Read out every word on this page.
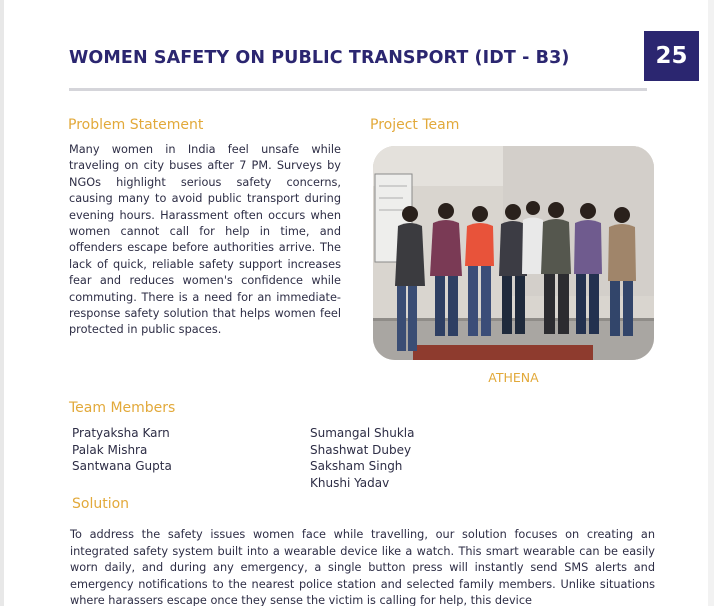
WOMEN SAFETY ON PUBLIC TRANSPORT (IDT - B3)	25
Problem Statement

Many women in India feel unsafe while traveling on city buses after 7 PM. Surveys by NGOs highlight serious safety concerns, causing many to avoid public transport during evening hours. Harassment often occurs when women cannot call for help in time, and offenders escape before authorities arrive. The lack of quick, reliable safety support increases fear and reduces women's confidence while commuting. There is a need for an immediate-response safety solution that helps women feel protected in public spaces.

Project Team
ATHENA
Team Members
Pratyaksha Karn
Palak Mishra
Santwana Gupta
Sumangal Shukla
Shashwat Dubey
Saksham Singh
Khushi Yadav
Solution

To address the safety issues women face while travelling, our solution focuses on creating an integrated safety system built into a wearable device like a watch. This smart wearable can be easily worn daily, and during any emergency, a single button press will instantly send SMS alerts and emergency notifications to the nearest police station and selected family members. Unlike situations where harassers escape once they sense the victim is calling for help, this device
